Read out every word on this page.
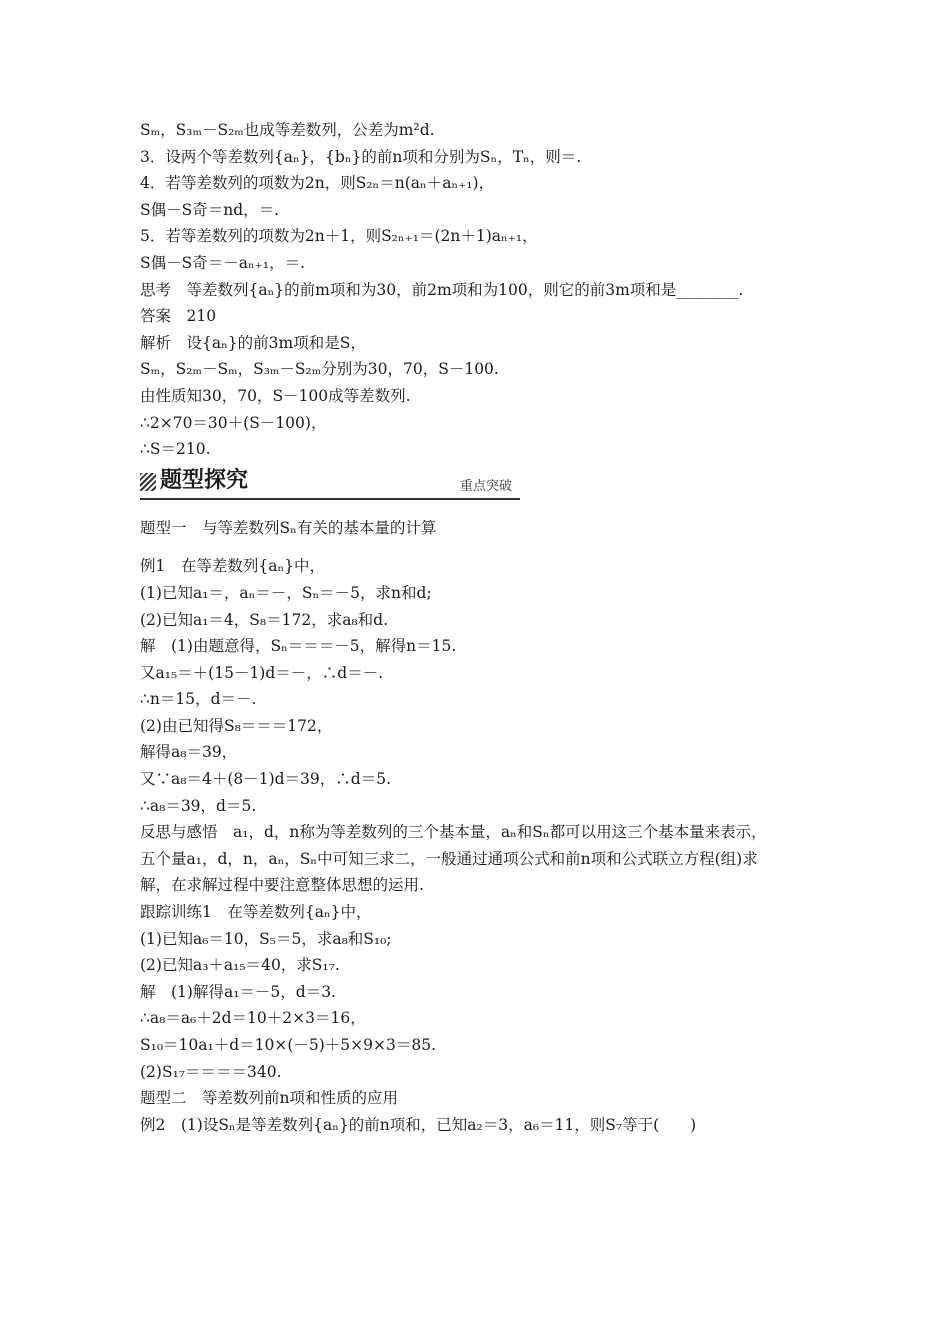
Sₘ，S₃ₘ－S₂ₘ也成等差数列，公差为m²d.
3．设两个等差数列{aₙ}，{bₙ}的前n项和分别为Sₙ，Tₙ，则＝.
4．若等差数列的项数为2n，则S₂ₙ＝n(aₙ＋aₙ₊₁)，
S偶－S奇＝nd，＝.
5．若等差数列的项数为2n＋1，则S₂ₙ₊₁＝(2n＋1)aₙ₊₁，
S偶－S奇＝－aₙ₊₁，＝.
思考　等差数列{aₙ}的前m项和为30，前2m项和为100，则它的前3m项和是________.
答案　210
解析　设{aₙ}的前3m项和是S，
Sₘ，S₂ₘ－Sₘ，S₃ₘ－S₂ₘ分别为30，70，S－100.
由性质知30，70，S－100成等差数列.
∴2×70＝30＋(S－100)，
∴S＝210.
题型探究	重点突破
题型一　与等差数列Sₙ有关的基本量的计算
例1　在等差数列{aₙ}中，
(1)已知a₁＝，aₙ＝－，Sₙ＝－5，求n和d;
(2)已知a₁＝4，S₈＝172，求a₈和d.
解　(1)由题意得，Sₙ＝＝＝－5，解得n＝15.
又a₁₅＝＋(15－1)d＝－，∴d＝－.
∴n＝15，d＝－.
(2)由已知得S₈＝＝＝172，
解得a₈＝39，
又∵a₈＝4＋(8－1)d＝39，∴d＝5.
∴a₈＝39，d＝5.
反思与感悟　a₁，d，n称为等差数列的三个基本量，aₙ和Sₙ都可以用这三个基本量来表示，
五个量a₁，d，n，aₙ，Sₙ中可知三求二，一般通过通项公式和前n项和公式联立方程(组)求
解，在求解过程中要注意整体思想的运用.
跟踪训练1　在等差数列{aₙ}中，
(1)已知a₆＝10，S₅＝5，求a₈和S₁₀;
(2)已知a₃＋a₁₅＝40，求S₁₇.
解　(1)解得a₁＝－5，d＝3.
∴a₈＝a₆＋2d＝10＋2×3＝16，
S₁₀＝10a₁＋d＝10×(－5)＋5×9×3＝85.
(2)S₁₇＝＝＝＝340.
题型二　等差数列前n项和性质的应用
例2　(1)设Sₙ是等差数列{aₙ}的前n项和，已知a₂＝3，a₆＝11，则S₇等于(　　)
